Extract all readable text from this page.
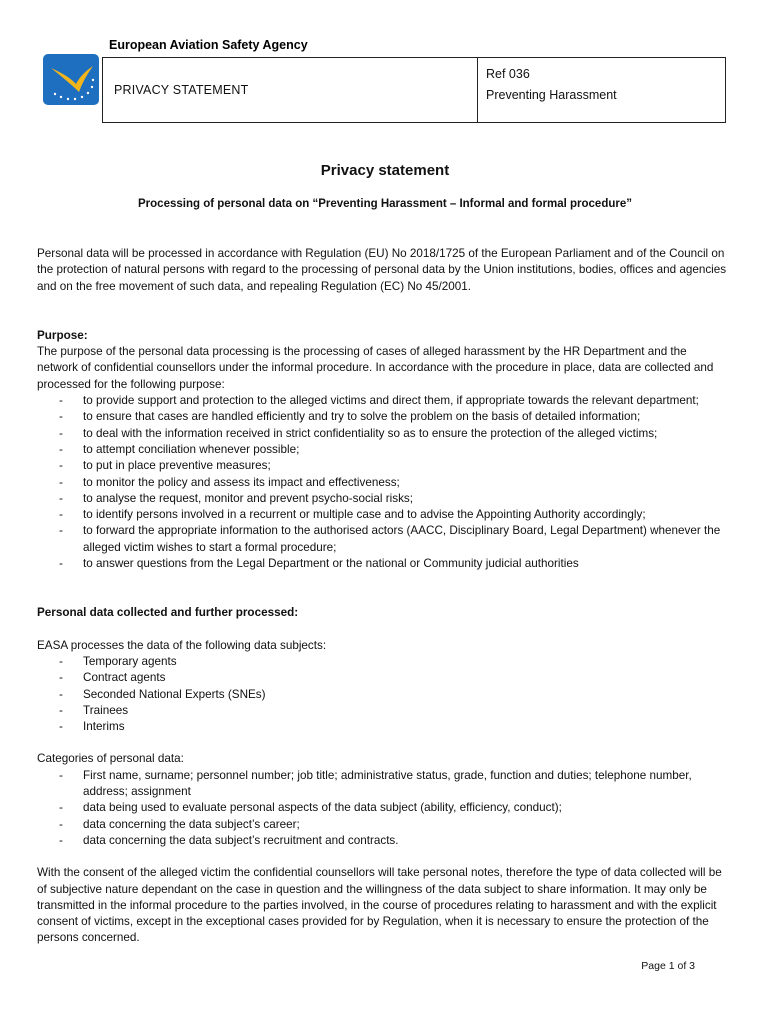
European Aviation Safety Agency
PRIVACY STATEMENT
Ref 036
Preventing Harassment
Privacy statement
Processing of personal data on “Preventing Harassment – Informal and formal procedure”

Personal data will be processed in accordance with Regulation (EU) No 2018/1725 of the European Parliament and of the Council on the protection of natural persons with regard to the processing of personal data by the Union institutions, bodies, offices and agencies and on the free movement of such data, and repealing Regulation (EC) No 45/2001.

Purpose:

The purpose of the personal data processing is the processing of cases of alleged harassment by the HR Department and the network of confidential counsellors under the informal procedure. In accordance with the procedure in place, data are collected and processed for the following purpose:

- to provide support and protection to the alleged victims and direct them, if appropriate towards the relevant department;
- to ensure that cases are handled efficiently and try to solve the problem on the basis of detailed information;
- to deal with the information received in strict confidentiality so as to ensure the protection of the alleged victims;
- to attempt conciliation whenever possible;
- to put in place preventive measures;
- to monitor the policy and assess its impact and effectiveness;
- to analyse the request, monitor and prevent psycho-social risks;
- to identify persons involved in a recurrent or multiple case and to advise the Appointing Authority accordingly;
- to forward the appropriate information to the authorised actors (AACC, Disciplinary Board, Legal Department) whenever the alleged victim wishes to start a formal procedure;
- to answer questions from the Legal Department or the national or Community judicial authorities

Personal data collected and further processed:

EASA processes the data of the following data subjects:

- Temporary agents
- Contract agents
- Seconded National Experts (SNEs)
- Trainees
- Interims

Categories of personal data:

- First name, surname; personnel number; job title; administrative status, grade, function and duties; telephone number, address; assignment
- data being used to evaluate personal aspects of the data subject (ability, efficiency, conduct);
- data concerning the data subject’s career;
- data concerning the data subject’s recruitment and contracts.

With the consent of the alleged victim the confidential counsellors will take personal notes, therefore the type of data collected will be of subjective nature dependant on the case in question and the willingness of the data subject to share information. It may only be transmitted in the informal procedure to the parties involved, in the course of procedures relating to harassment and with the explicit consent of victims, except in the exceptional cases provided for by Regulation, when it is necessary to ensure the protection of the persons concerned.

Page 1 of 3
